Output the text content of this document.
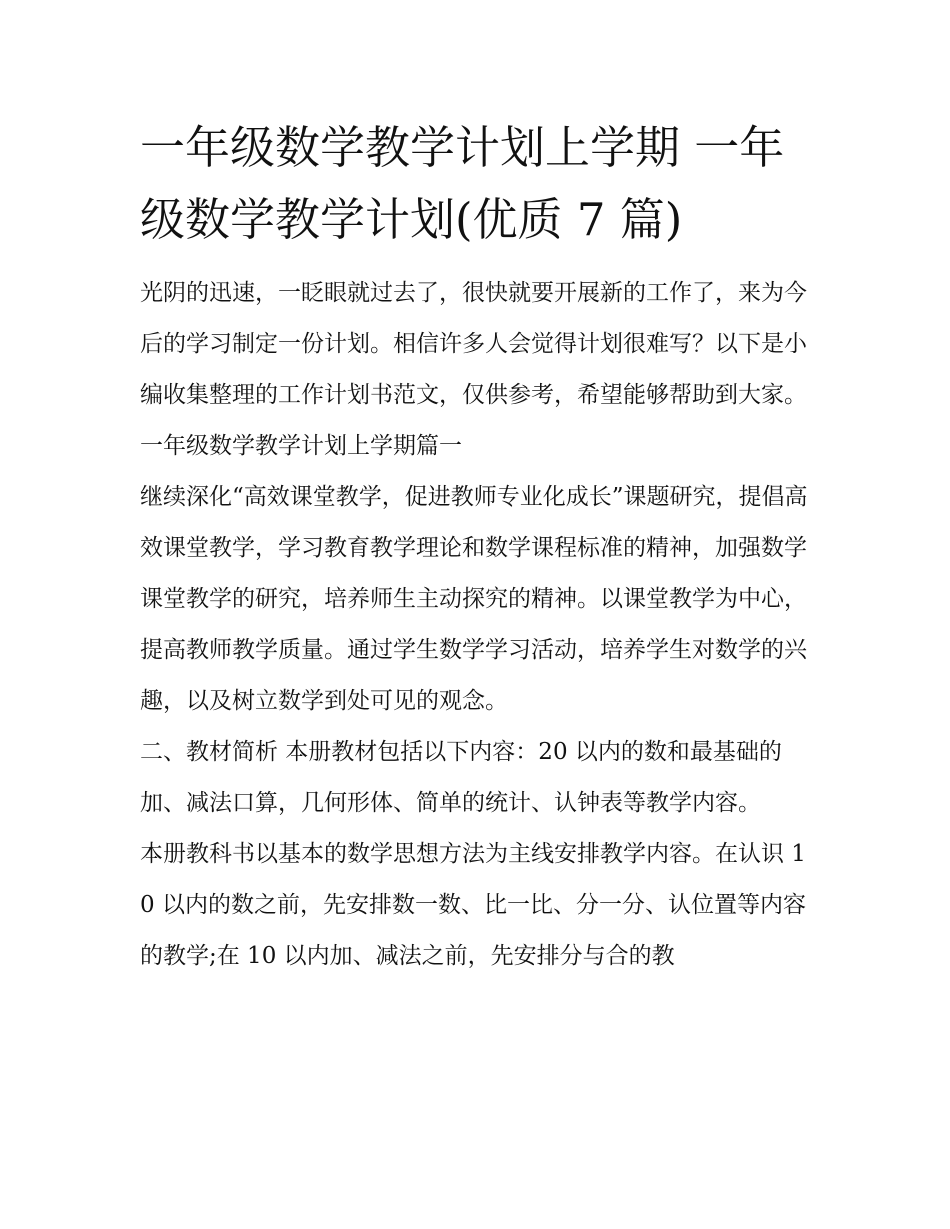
一年级数学教学计划上学期 一年级数学教学计划(优质 7 篇)

光阴的迅速，一眨眼就过去了，很快就要开展新的工作了，来为今后的学习制定一份计划。相信许多人会觉得计划很难写？以下是小编收集整理的工作计划书范文，仅供参考，希望能够帮助到大家。

一年级数学教学计划上学期篇一

继续深化“高效课堂教学，促进教师专业化成长”课题研究，提倡高效课堂教学，学习教育教学理论和数学课程标准的精神，加强数学课堂教学的研究，培养师生主动探究的精神。以课堂教学为中心，提高教师教学质量。通过学生数学学习活动，培养学生对数学的兴趣，以及树立数学到处可见的观念。

二、教材简析 本册教材包括以下内容：20 以内的数和最基础的加、减法口算，几何形体、简单的统计、认钟表等教学内容。

本册教科书以基本的数学思想方法为主线安排教学内容。在认识 10 以内的数之前，先安排数一数、比一比、分一分、认位置等内容的教学;在 10 以内加、减法之前，先安排分与合的教
